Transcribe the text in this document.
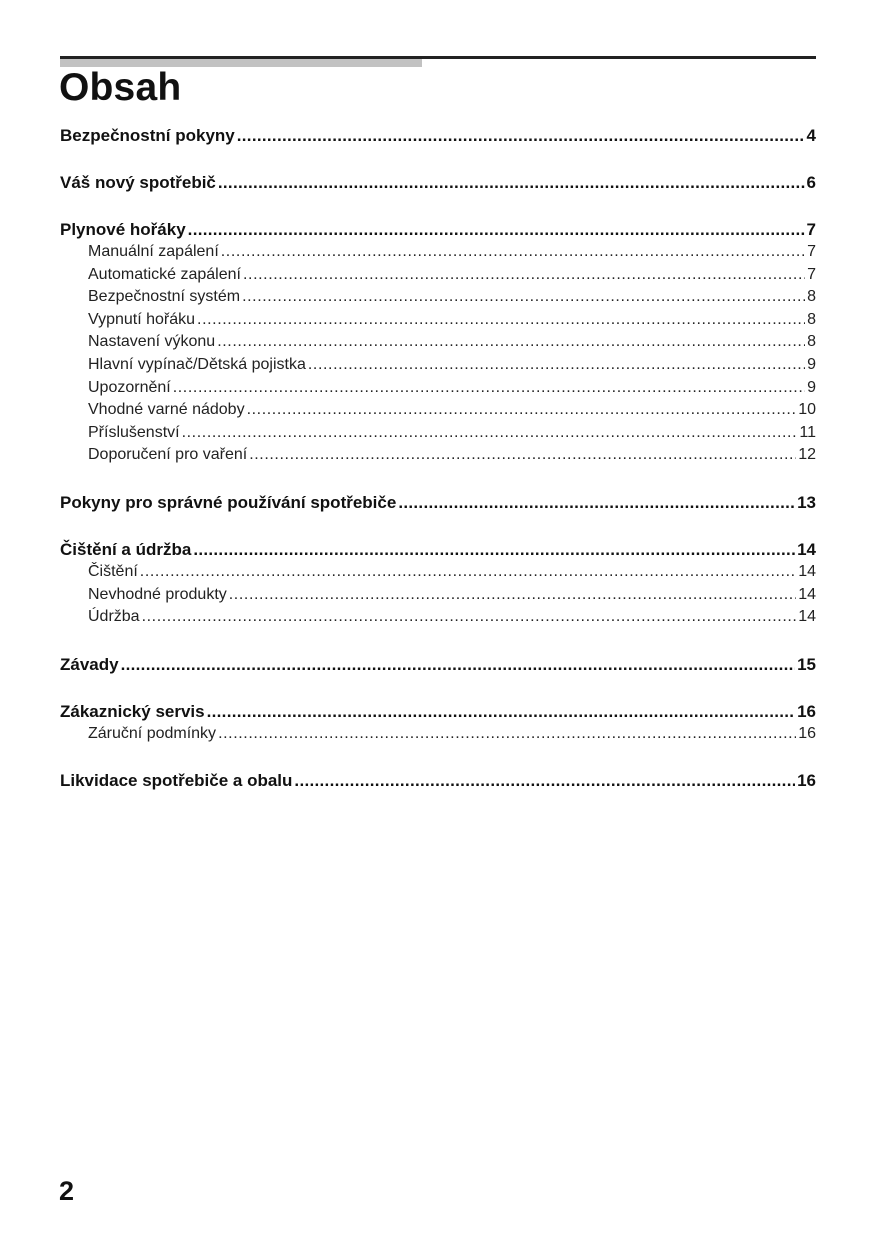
Obsah
Bezpečnostní pokyny .....	4
Váš nový spotřebič .....	6
Plynové hořáky .....	7
Manuální zapálení .....	7
Automatické zapálení .....	7
Bezpečnostní systém .....	8
Vypnutí hořáku .....	8
Nastavení výkonu .....	8
Hlavní vypínač/Dětská pojistka .....	9
Upozornění .....	9
Vhodné varné nádoby .....	10
Příslušenství .....	11
Doporučení pro vaření .....	12
Pokyny pro správné používání spotřebiče .....	13
Čištění a údržba .....	14
Čištění .....	14
Nevhodné produkty .....	14
Údržba .....	14
Závady .....	15
Zákaznický servis .....	16
Záruční podmínky .....	16
Likvidace spotřebiče a obalu .....	16
2
